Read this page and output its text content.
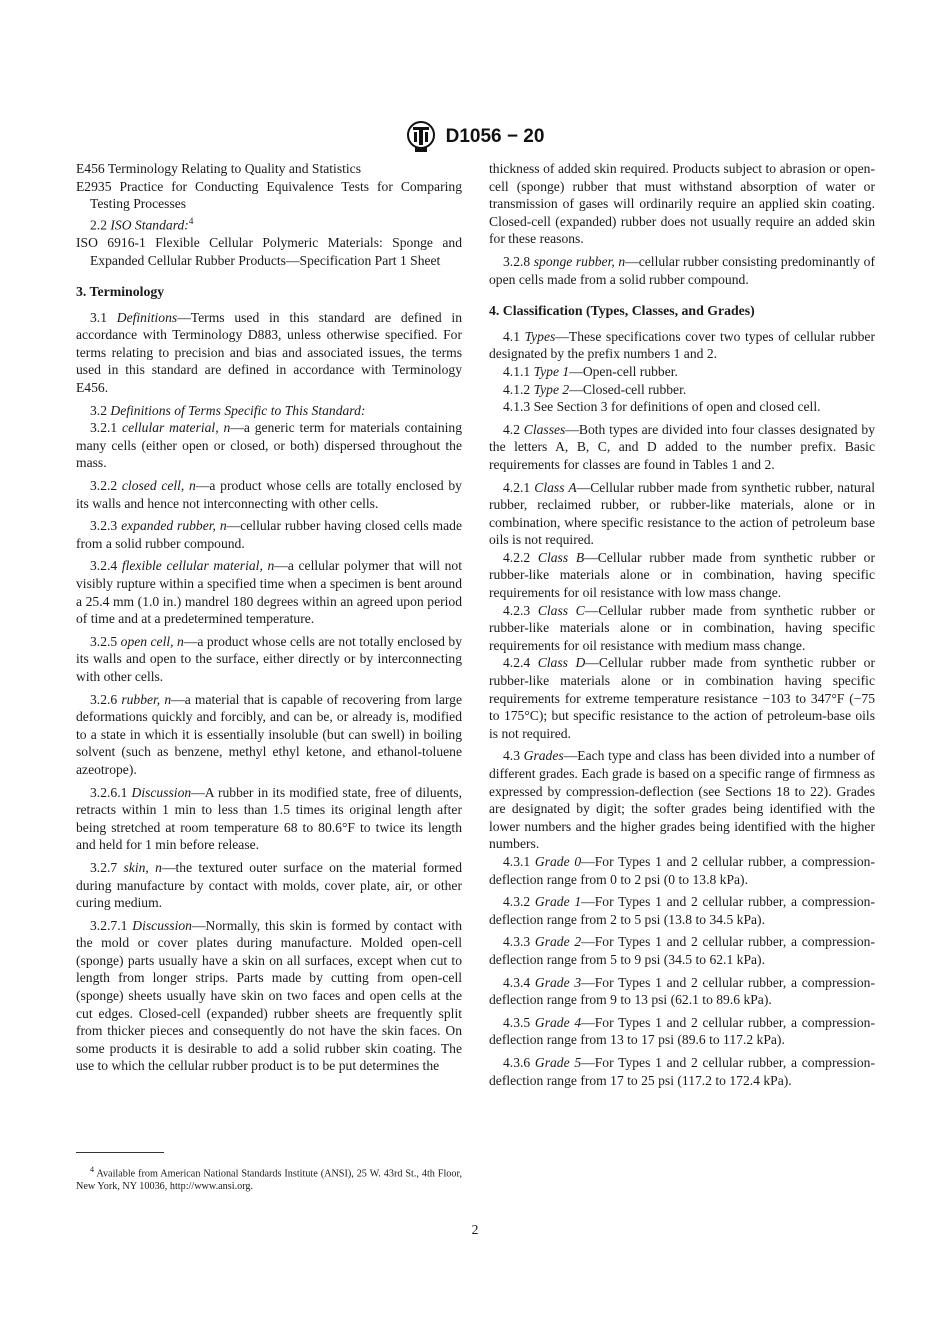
D1056 − 20

E456 Terminology Relating to Quality and Statistics

E2935 Practice for Conducting Equivalence Tests for Comparing Testing Processes

2.2 ISO Standard:$^4$

ISO 6916-1 Flexible Cellular Polymeric Materials: Sponge and Expanded Cellular Rubber Products—Specification Part 1 Sheet

3. Terminology

3.1 Definitions—Terms used in this standard are defined in accordance with Terminology D883, unless otherwise specified. For terms relating to precision and bias and associated issues, the terms used in this standard are defined in accordance with Terminology E456.

3.2 Definitions of Terms Specific to This Standard:

3.2.1 cellular material, n—a generic term for materials containing many cells (either open or closed, or both) dispersed throughout the mass.

3.2.2 closed cell, n—a product whose cells are totally enclosed by its walls and hence not interconnecting with other cells.

3.2.3 expanded rubber, n—cellular rubber having closed cells made from a solid rubber compound.

3.2.4 flexible cellular material, n—a cellular polymer that will not visibly rupture within a specified time when a specimen is bent around a 25.4 mm (1.0 in.) mandrel 180 degrees within an agreed upon period of time and at a predetermined temperature.

3.2.5 open cell, n—a product whose cells are not totally enclosed by its walls and open to the surface, either directly or by interconnecting with other cells.

3.2.6 rubber, n—a material that is capable of recovering from large deformations quickly and forcibly, and can be, or already is, modified to a state in which it is essentially insoluble (but can swell) in boiling solvent (such as benzene, methyl ethyl ketone, and ethanol-toluene azeotrope).

3.2.6.1 Discussion—A rubber in its modified state, free of diluents, retracts within 1 min to less than 1.5 times its original length after being stretched at room temperature 68 to 80.6°F to twice its length and held for 1 min before release.

3.2.7 skin, n—the textured outer surface on the material formed during manufacture by contact with molds, cover plate, air, or other curing medium.

3.2.7.1 Discussion—Normally, this skin is formed by contact with the mold or cover plates during manufacture. Molded open-cell (sponge) parts usually have a skin on all surfaces, except when cut to length from longer strips. Parts made by cutting from open-cell (sponge) sheets usually have skin on two faces and open cells at the cut edges. Closed-cell (expanded) rubber sheets are frequently split from thicker pieces and consequently do not have the skin faces. On some products it is desirable to add a solid rubber skin coating. The use to which the cellular rubber product is to be put determines the

$^4$ Available from American National Standards Institute (ANSI), 25 W. 43rd St., 4th Floor, New York, NY 10036, http://www.ansi.org.

thickness of added skin required. Products subject to abrasion or open-cell (sponge) rubber that must withstand absorption of water or transmission of gases will ordinarily require an applied skin coating. Closed-cell (expanded) rubber does not usually require an added skin for these reasons.

3.2.8 sponge rubber, n—cellular rubber consisting predominantly of open cells made from a solid rubber compound.

4. Classification (Types, Classes, and Grades)

4.1 Types—These specifications cover two types of cellular rubber designated by the prefix numbers 1 and 2.

4.1.1 Type 1—Open-cell rubber.

4.1.2 Type 2—Closed-cell rubber.

4.1.3 See Section 3 for definitions of open and closed cell.

4.2 Classes—Both types are divided into four classes designated by the letters A, B, C, and D added to the number prefix. Basic requirements for classes are found in Tables 1 and 2.

4.2.1 Class A—Cellular rubber made from synthetic rubber, natural rubber, reclaimed rubber, or rubber-like materials, alone or in combination, where specific resistance to the action of petroleum base oils is not required.

4.2.2 Class B—Cellular rubber made from synthetic rubber or rubber-like materials alone or in combination, having specific requirements for oil resistance with low mass change.

4.2.3 Class C—Cellular rubber made from synthetic rubber or rubber-like materials alone or in combination, having specific requirements for oil resistance with medium mass change.

4.2.4 Class D—Cellular rubber made from synthetic rubber or rubber-like materials alone or in combination having specific requirements for extreme temperature resistance −103 to 347°F (−75 to 175°C); but specific resistance to the action of petroleum-base oils is not required.

4.3 Grades—Each type and class has been divided into a number of different grades. Each grade is based on a specific range of firmness as expressed by compression-deflection (see Sections 18 to 22). Grades are designated by digit; the softer grades being identified with the lower numbers and the higher grades being identified with the higher numbers.

4.3.1 Grade 0—For Types 1 and 2 cellular rubber, a compression-deflection range from 0 to 2 psi (0 to 13.8 kPa).

4.3.2 Grade 1—For Types 1 and 2 cellular rubber, a compression-deflection range from 2 to 5 psi (13.8 to 34.5 kPa).

4.3.3 Grade 2—For Types 1 and 2 cellular rubber, a compression-deflection range from 5 to 9 psi (34.5 to 62.1 kPa).

4.3.4 Grade 3—For Types 1 and 2 cellular rubber, a compression-deflection range from 9 to 13 psi (62.1 to 89.6 kPa).

4.3.5 Grade 4—For Types 1 and 2 cellular rubber, a compression-deflection range from 13 to 17 psi (89.6 to 117.2 kPa).

4.3.6 Grade 5—For Types 1 and 2 cellular rubber, a compression-deflection range from 17 to 25 psi (117.2 to 172.4 kPa).

2
